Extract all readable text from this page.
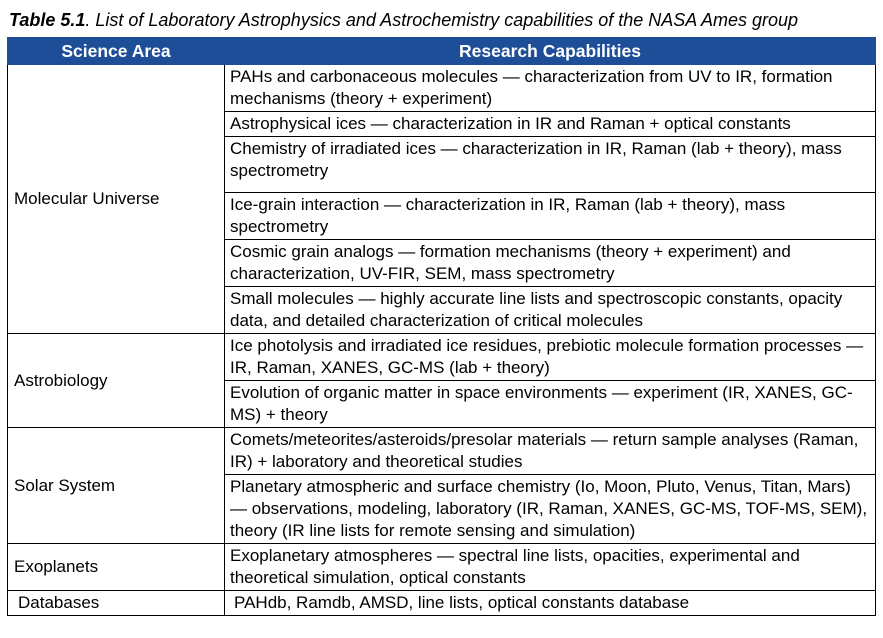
Table 5.1. List of Laboratory Astrophysics and Astrochemistry capabilities of the NASA Ames group
Science Area	Research Capabilities
Molecular Universe	PAHs and carbonaceous molecules — characterization from UV to IR, formation mechanisms (theory + experiment)
	Astrophysical ices — characterization in IR and Raman + optical constants
	Chemistry of irradiated ices — characterization in IR, Raman (lab + theory), mass spectrometry
	Ice-grain interaction — characterization in IR, Raman (lab + theory), mass spectrometry
	Cosmic grain analogs — formation mechanisms (theory + experiment) and characterization, UV-FIR, SEM, mass spectrometry
	Small molecules — highly accurate line lists and spectroscopic constants, opacity data, and detailed characterization of critical molecules
Astrobiology	Ice photolysis and irradiated ice residues, prebiotic molecule formation processes — IR, Raman, XANES, GC-MS (lab + theory)
	Evolution of organic matter in space environments — experiment (IR, XANES, GC-MS) + theory
Solar System	Comets/meteorites/asteroids/presolar materials — return sample analyses (Raman, IR) + laboratory and theoretical studies
	Planetary atmospheric and surface chemistry (Io, Moon, Pluto, Venus, Titan, Mars) — observations, modeling, laboratory (IR, Raman, XANES, GC-MS, TOF-MS, SEM), theory (IR line lists for remote sensing and simulation)
Exoplanets	Exoplanetary atmospheres — spectral line lists, opacities, experimental and theoretical simulation, optical constants
Databases	PAHdb, Ramdb, AMSD, line lists, optical constants database
